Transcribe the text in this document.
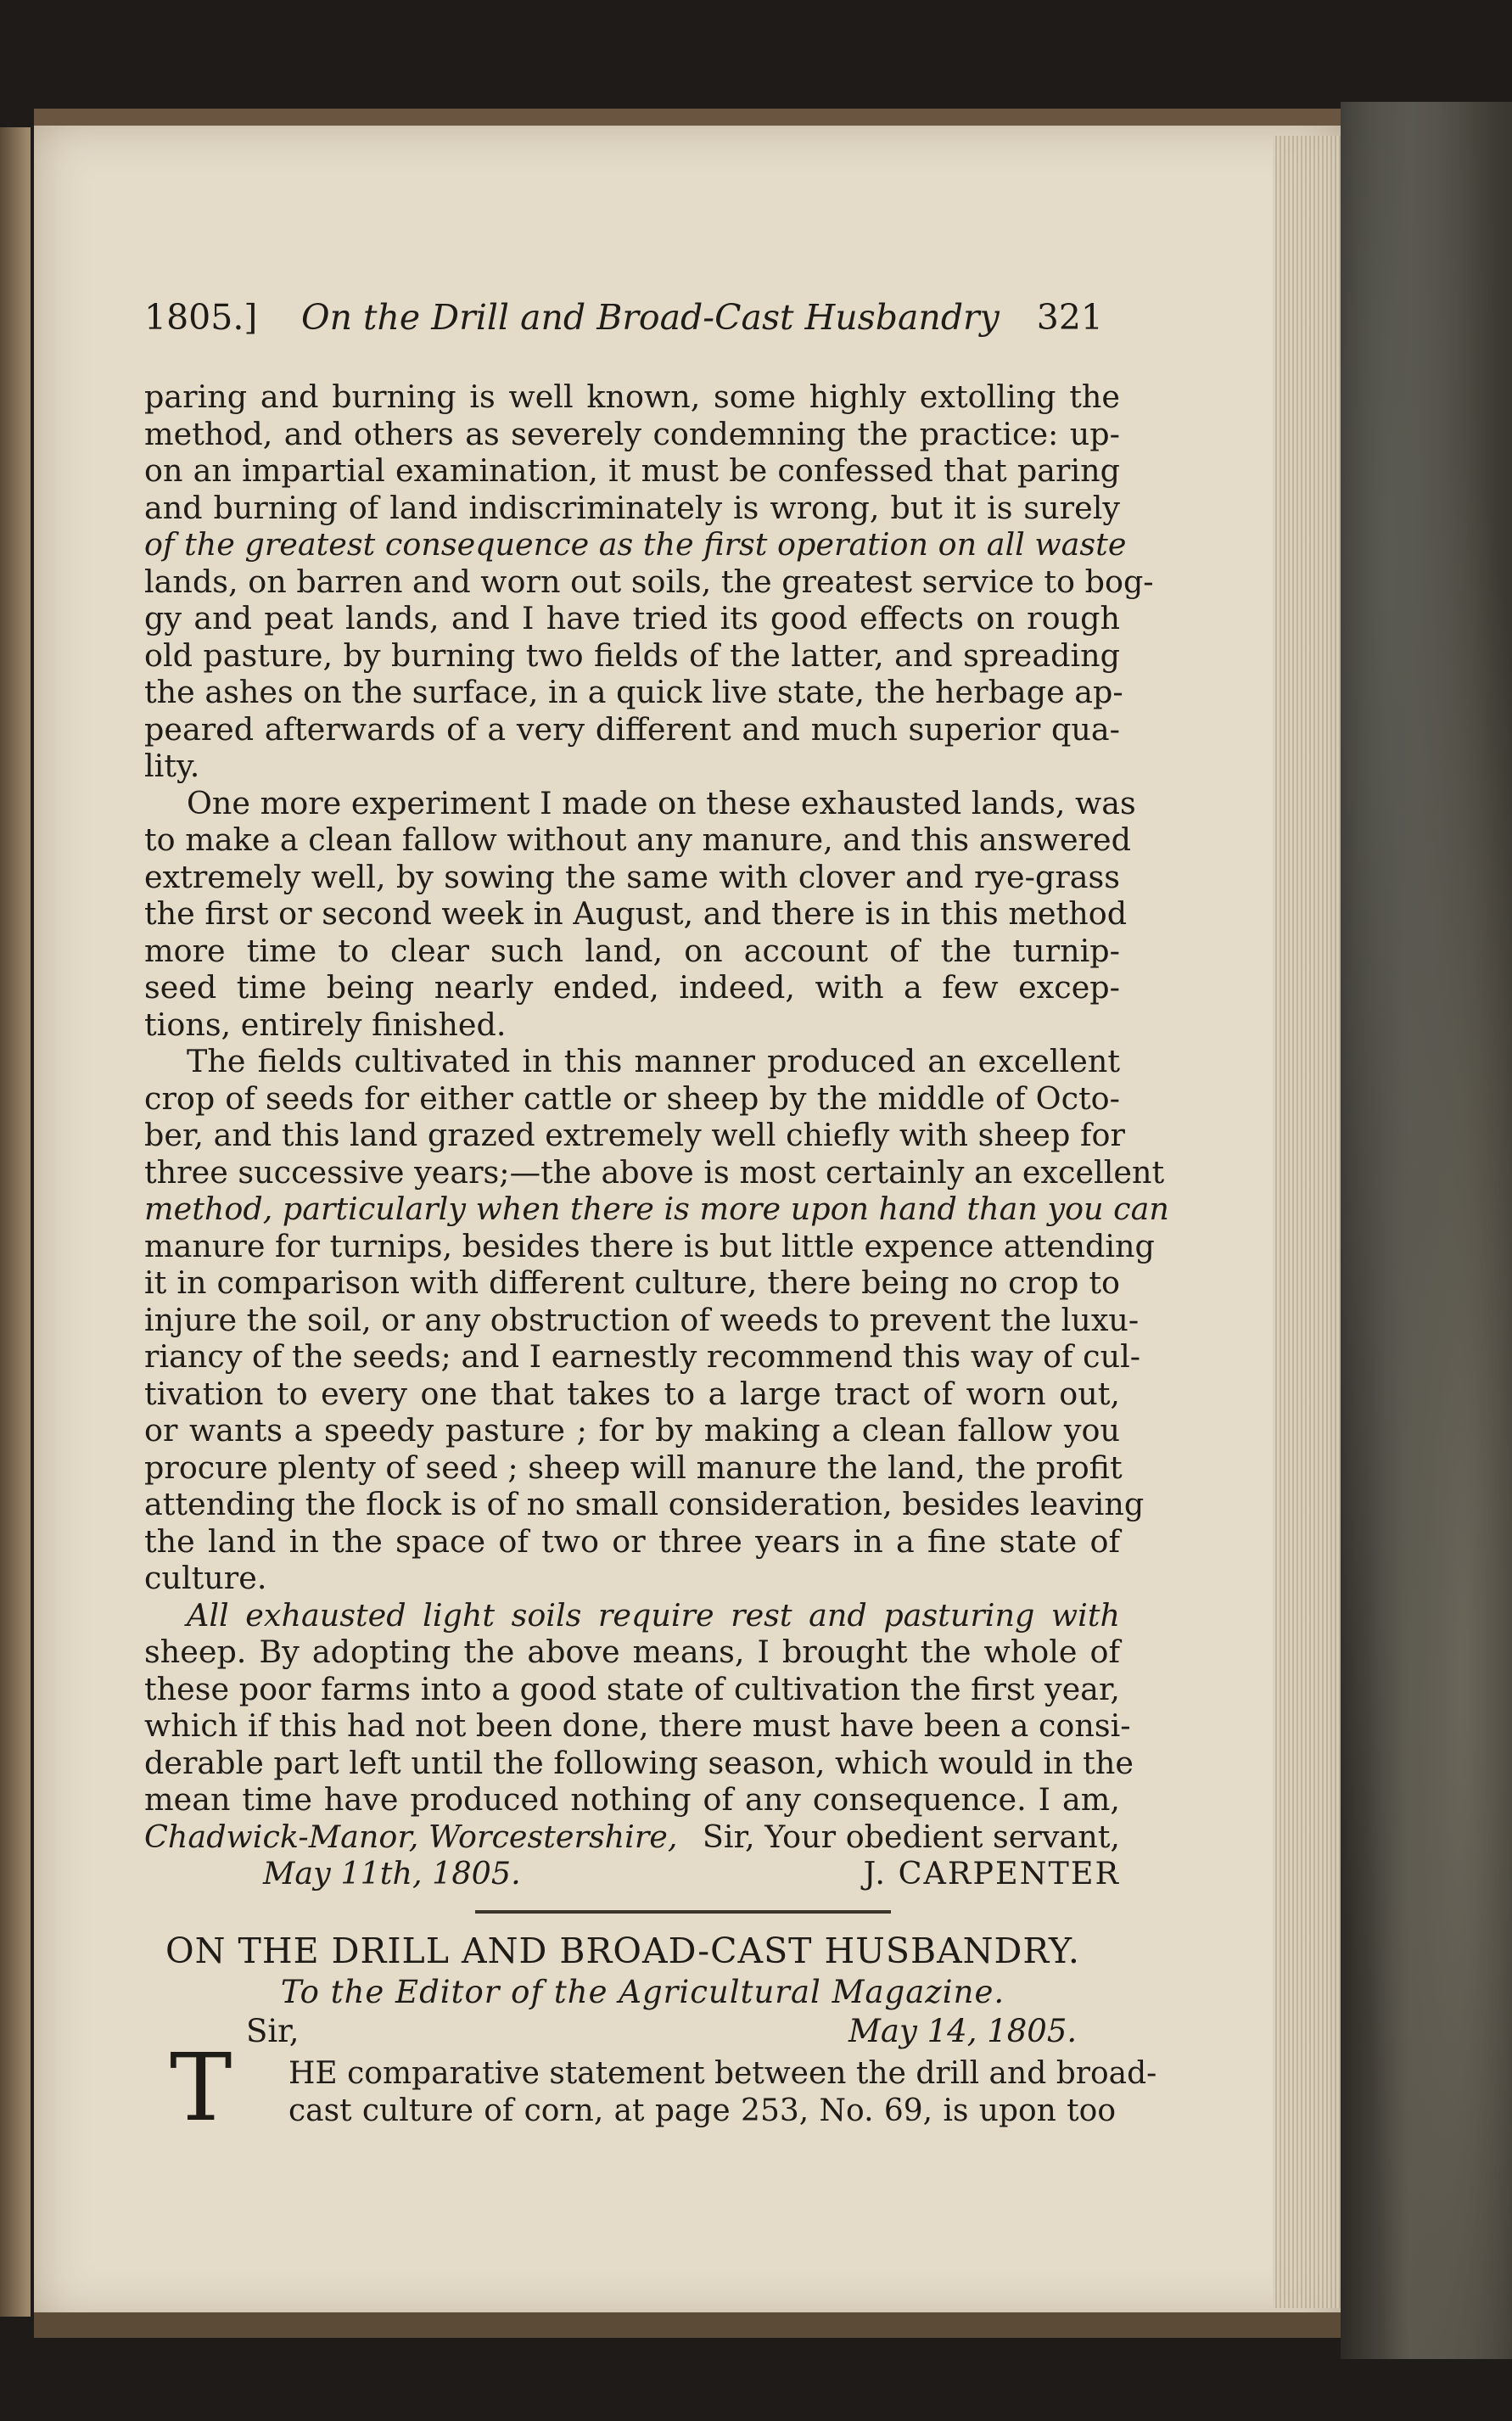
1805.] On the Drill and Broad-Cast Husbandry 321
paring and burning is well known, some highly extolling the
method, and others as severely condemning the practice: up-
on an impartial examination, it must be confessed that paring
and burning of land indiscriminately is wrong, but it is surely
of the greatest consequence as the first operation on all waste
lands, on barren and worn out soils, the greatest service to bog-
gy and peat lands, and I have tried its good effects on rough
old pasture, by burning two fields of the latter, and spreading
the ashes on the surface, in a quick live state, the herbage ap-
peared afterwards of a very different and much superior qua-
lity.
One more experiment I made on these exhausted lands, was
to make a clean fallow without any manure, and this answered
extremely well, by sowing the same with clover and rye-grass
the first or second week in August, and there is in this method
more time to clear such land, on account of the turnip-
seed time being nearly ended, indeed, with a few excep-
tions, entirely finished.
The fields cultivated in this manner produced an excellent
crop of seeds for either cattle or sheep by the middle of Octo-
ber, and this land grazed extremely well chiefly with sheep for
three successive years;—the above is most certainly an excellent
method, particularly when there is more upon hand than you can
manure for turnips, besides there is but little expence attending
it in comparison with different culture, there being no crop to
injure the soil, or any obstruction of weeds to prevent the luxu-
riancy of the seeds; and I earnestly recommend this way of cul-
tivation to every one that takes to a large tract of worn out,
or wants a speedy pasture ; for by making a clean fallow you
procure plenty of seed ; sheep will manure the land, the profit
attending the flock is of no small consideration, besides leaving
the land in the space of two or three years in a fine state of
culture.
All exhausted light soils require rest and pasturing with
sheep. By adopting the above means, I brought the whole of
these poor farms into a good state of cultivation the first year,
which if this had not been done, there must have been a consi-
derable part left until the following season, which would in the
mean time have produced nothing of any consequence. I am,
Chadwick-Manor, Worcestershire, Sir, Your obedient servant,
May 11th, 1805.	J. CARPENTER
ON THE DRILL AND BROAD-CAST HUSBANDRY.
To the Editor of the Agricultural Magazine.
Sir,	May 14, 1805.
T HE comparative statement between the drill and broad-
cast culture of corn, at page 253, No. 69, is upon too
